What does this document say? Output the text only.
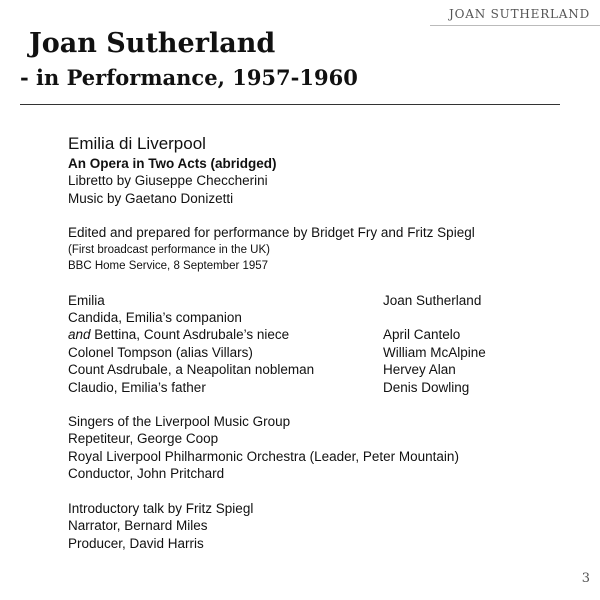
JOAN SUTHERLAND
Joan Sutherland
- in Performance, 1957-1960
Emilia di Liverpool
An Opera in Two Acts (abridged)
Libretto by Giuseppe Checcherini
Music by Gaetano Donizetti
Edited and prepared for performance by Bridget Fry and Fritz Spiegl
(First broadcast performance in the UK)
BBC Home Service, 8 September 1957
Emilia	Joan Sutherland
Candida, Emilia’s companion
and Bettina, Count Asdrubale’s niece	April Cantelo
Colonel Tompson (alias Villars)	William McAlpine
Count Asdrubale, a Neapolitan nobleman	Hervey Alan
Claudio, Emilia’s father	Denis Dowling
Singers of the Liverpool Music Group
Repetiteur, George Coop
Royal Liverpool Philharmonic Orchestra (Leader, Peter Mountain)
Conductor, John Pritchard
Introductory talk by Fritz Spiegl
Narrator, Bernard Miles
Producer, David Harris
3
